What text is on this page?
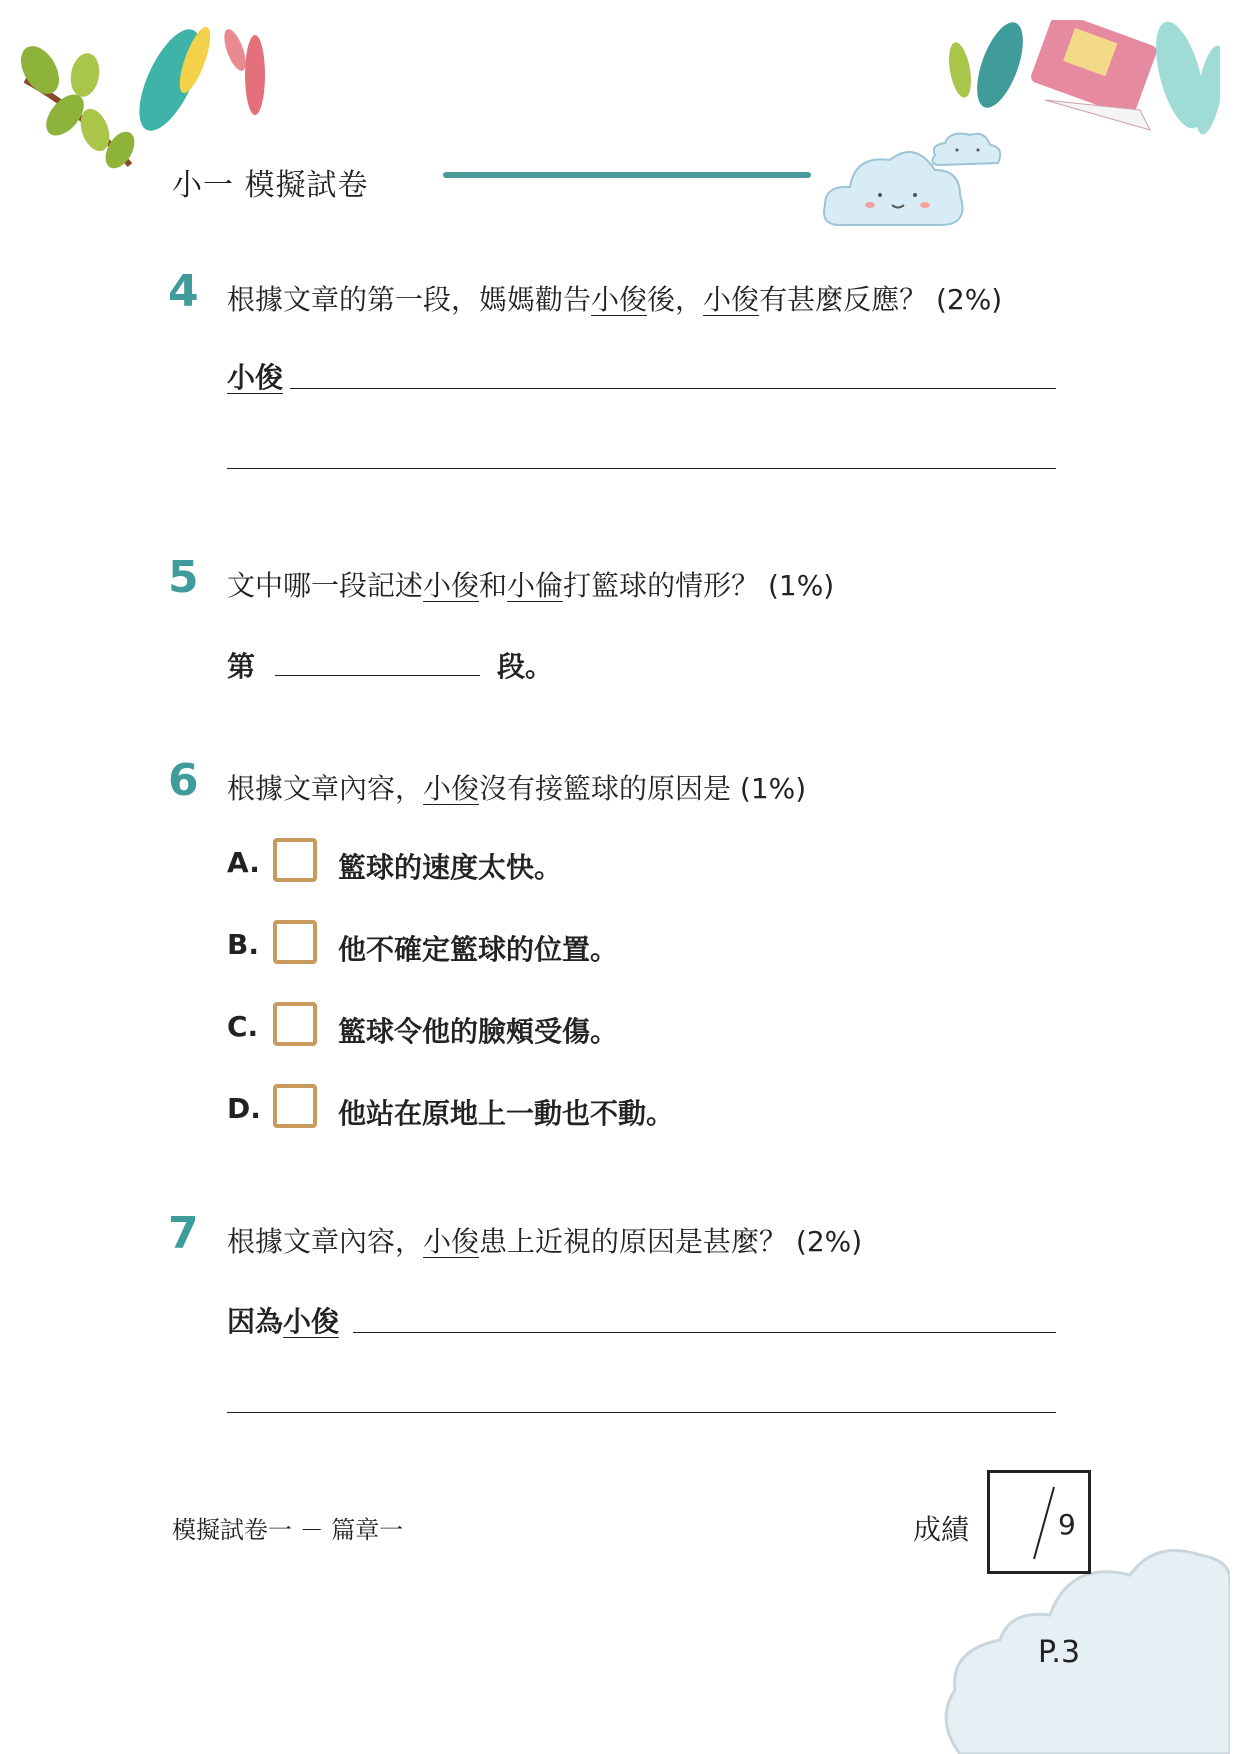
小一 模擬試卷
4 根據文章的第一段，媽媽勸告小俊後，小俊有甚麼反應？ (2%)
小俊
5 文中哪一段記述小俊和小倫打籃球的情形？ (1%)
第	段。
6 根據文章內容，小俊沒有接籃球的原因是 (1%)
A.	籃球的速度太快。
B.	他不確定籃球的位置。
C.	籃球令他的臉頰受傷。
D.	他站在原地上一動也不動。
7 根據文章內容，小俊患上近視的原因是甚麼？ (2%)
因為小俊
模擬試卷一 － 篇章一	成績	9
P.3
